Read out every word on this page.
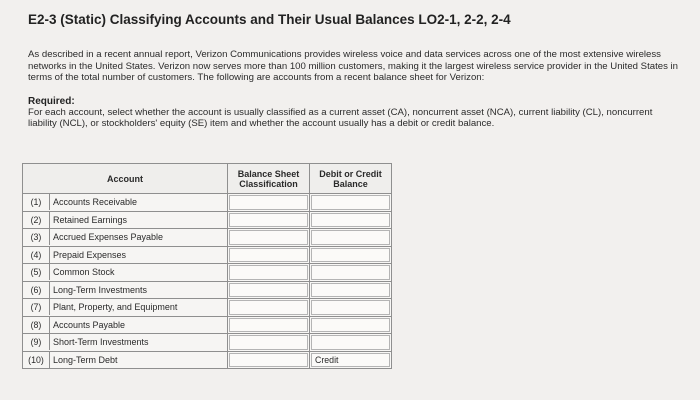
E2-3 (Static) Classifying Accounts and Their Usual Balances LO2-1, 2-2, 2-4

As described in a recent annual report, Verizon Communications provides wireless voice and data services across one of the most extensive wireless networks in the United States. Verizon now serves more than 100 million customers, making it the largest wireless service provider in the United States in terms of the total number of customers. The following are accounts from a recent balance sheet for Verizon:

Required:

For each account, select whether the account is usually classified as a current asset (CA), noncurrent asset (NCA), current liability (CL), noncurrent liability (NCL), or stockholders' equity (SE) item and whether the account usually has a debit or credit balance.

Account	Balance Sheet Classification	Debit or Credit Balance

(1) Accounts Receivable		

(2) Retained Earnings		

(3) Accrued Expenses Payable		

(4) Prepaid Expenses		

(5) Common Stock		

(6) Long-Term Investments		

(7) Plant, Property, and Equipment		

(8) Accounts Payable		

(9) Short-Term Investments		

(10) Long-Term Debt		Credit
